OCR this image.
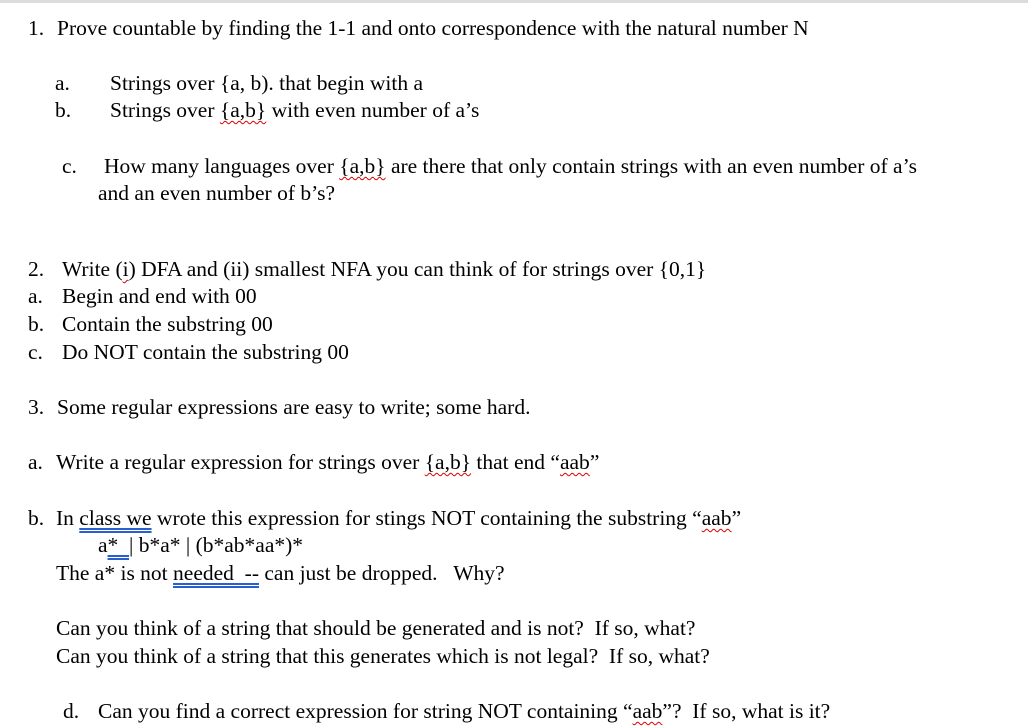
1. Prove countable by finding the 1-1 and onto correspondence with the natural number N
a. Strings over {a, b). that begin with a
b. Strings over {a,b} with even number of a’s
c. How many languages over {a,b} are there that only contain strings with an even number of a’s
and an even number of b’s?
2. Write (i) DFA and (ii) smallest NFA you can think of for strings over {0,1}
a. Begin and end with 00
b. Contain the substring 00
c. Do NOT contain the substring 00
3. Some regular expressions are easy to write; some hard.
a. Write a regular expression for strings over {a,b} that end “aab”
b. In class we wrote this expression for stings NOT containing the substring “aab”
a*  | b*a* | (b*ab*aa*)*
The a* is not needed  -- can just be dropped.   Why?
Can you think of a string that should be generated and is not?  If so, what?
Can you think of a string that this generates which is not legal?  If so, what?
d. Can you find a correct expression for string NOT containing “aab”?  If so, what is it?
